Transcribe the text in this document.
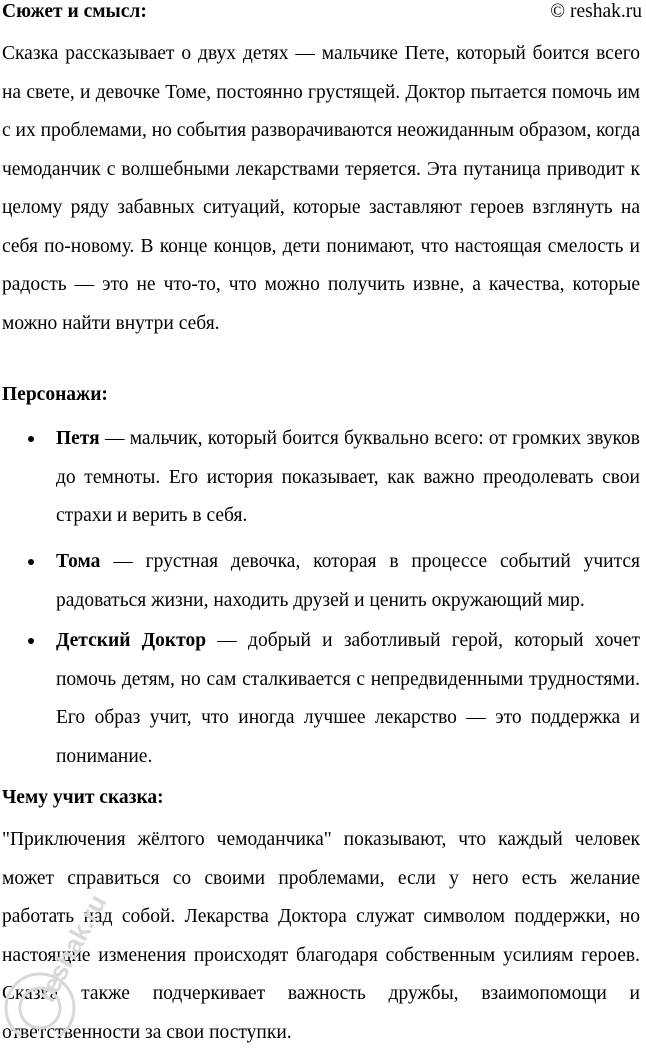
Сюжет и смысл:	© reshak.ru

Сказка рассказывает о двух детях — мальчике Пете, который боится всего на свете, и девочке Томе, постоянно грустящей. Доктор пытается помочь им с их проблемами, но события разворачиваются неожиданным образом, когда чемоданчик с волшебными лекарствами теряется. Эта путаница приводит к целому ряду забавных ситуаций, которые заставляют героев взглянуть на себя по-новому. В конце концов, дети понимают, что настоящая смелость и радость — это не что-то, что можно получить извне, а качества, которые можно найти внутри себя.

Персонажи:

Петя — мальчик, который боится буквально всего: от громких звуков до темноты. Его история показывает, как важно преодолевать свои страхи и верить в себя.

Тома — грустная девочка, которая в процессе событий учится радоваться жизни, находить друзей и ценить окружающий мир.

Детский Доктор — добрый и заботливый герой, который хочет помочь детям, но сам сталкивается с непредвиденными трудностями. Его образ учит, что иногда лучшее лекарство — это поддержка и понимание.

Чему учит сказка:

"Приключения жёлтого чемоданчика" показывают, что каждый человек может справиться со своими проблемами, если у него есть желание работать над собой. Лекарства Доктора служат символом поддержки, но настоящие изменения происходят благодаря собственным усилиям героев. Сказка также подчеркивает важность дружбы, взаимопомощи и ответственности за свои поступки.

reshak.ru
